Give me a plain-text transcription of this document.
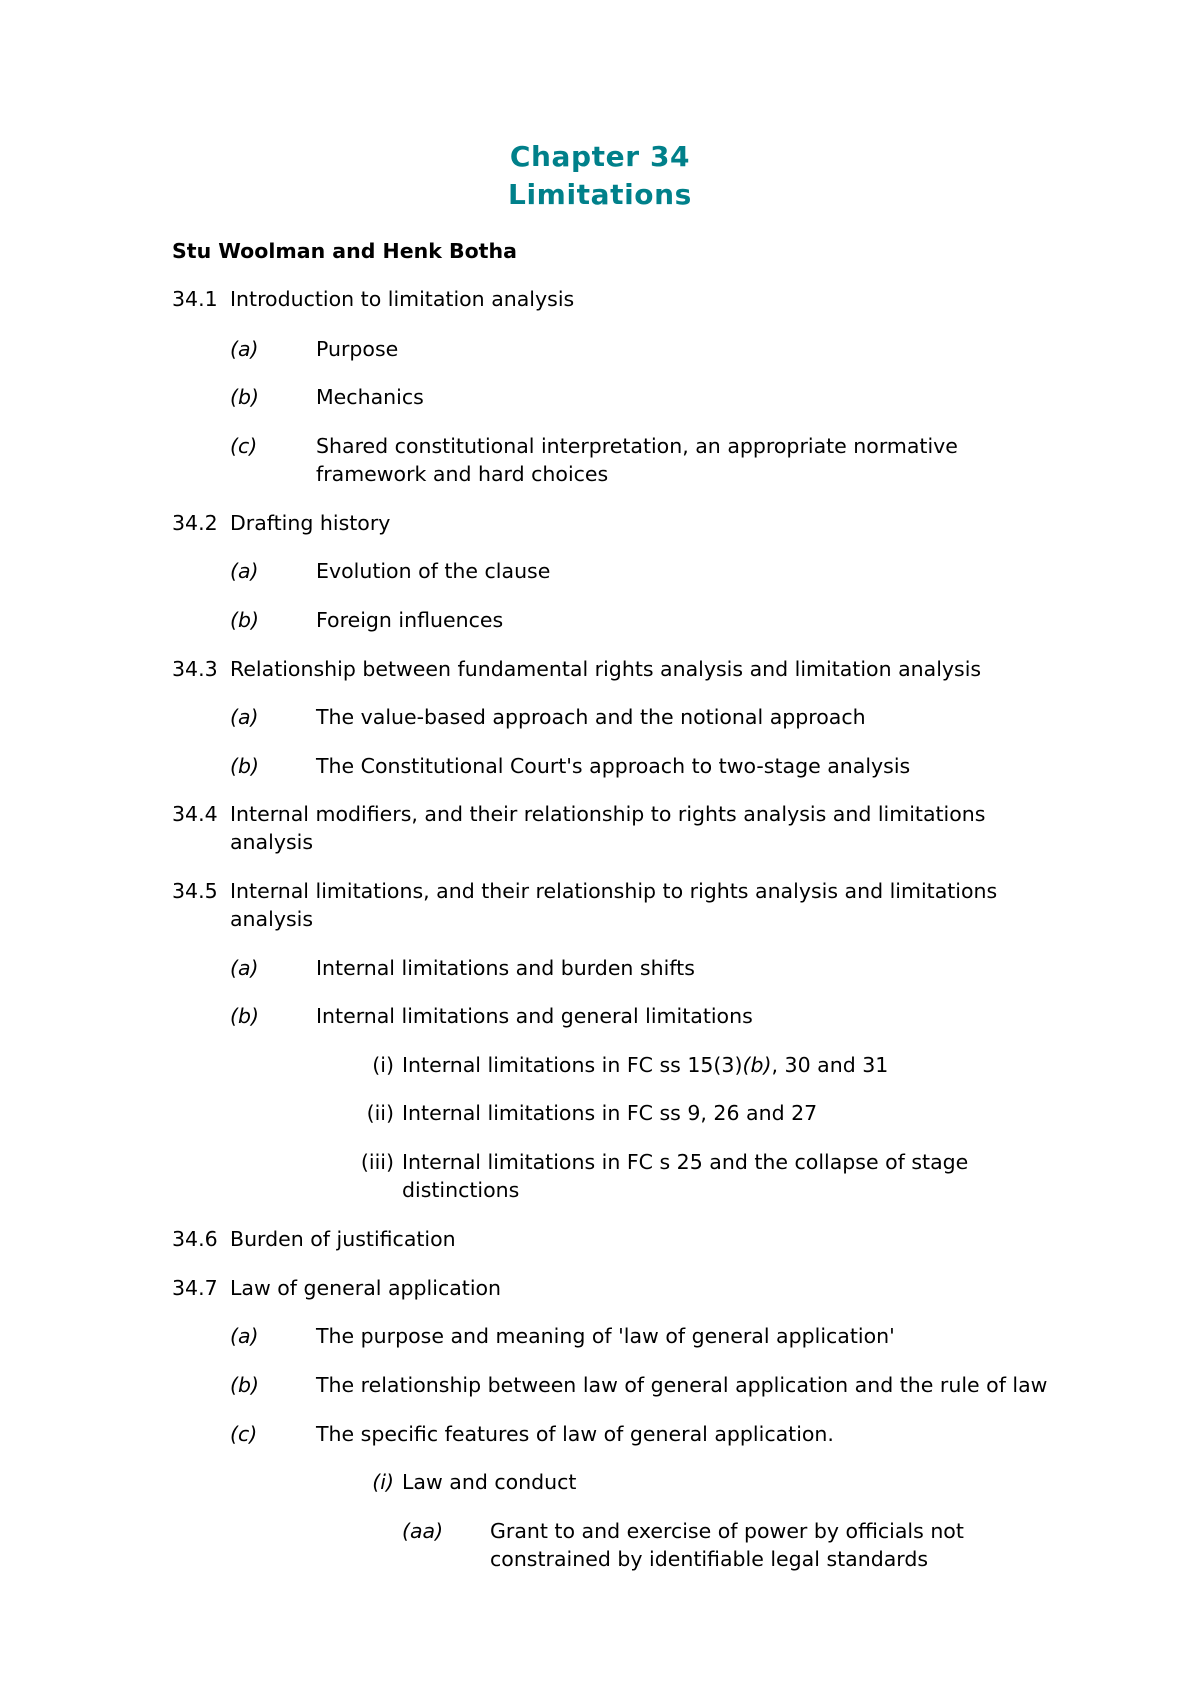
Chapter 34
Limitations
Stu Woolman and Henk Botha
34.1 Introduction to limitation analysis
(a)	Purpose
(b)	Mechanics
(c)	Shared constitutional interpretation, an appropriate normative
framework and hard choices
34.2 Drafting history
(a)	Evolution of the clause
(b)	Foreign influences
34.3 Relationship between fundamental rights analysis and limitation analysis
(a)	The value-based approach and the notional approach
(b)	The Constitutional Court's approach to two-stage analysis
34.4 Internal modifiers, and their relationship to rights analysis and limitations
analysis
34.5 Internal limitations, and their relationship to rights analysis and limitations
analysis
(a)	Internal limitations and burden shifts
(b)	Internal limitations and general limitations
(i) Internal limitations in FC ss 15(3)(b), 30 and 31
(ii) Internal limitations in FC ss 9, 26 and 27
(iii) Internal limitations in FC s 25 and the collapse of stage
distinctions
34.6 Burden of justification
34.7 Law of general application
(a)	The purpose and meaning of 'law of general application'
(b)	The relationship between law of general application and the rule of law
(c)	The specific features of law of general application.
(i) Law and conduct
(aa) Grant to and exercise of power by officials not
constrained by identifiable legal standards
